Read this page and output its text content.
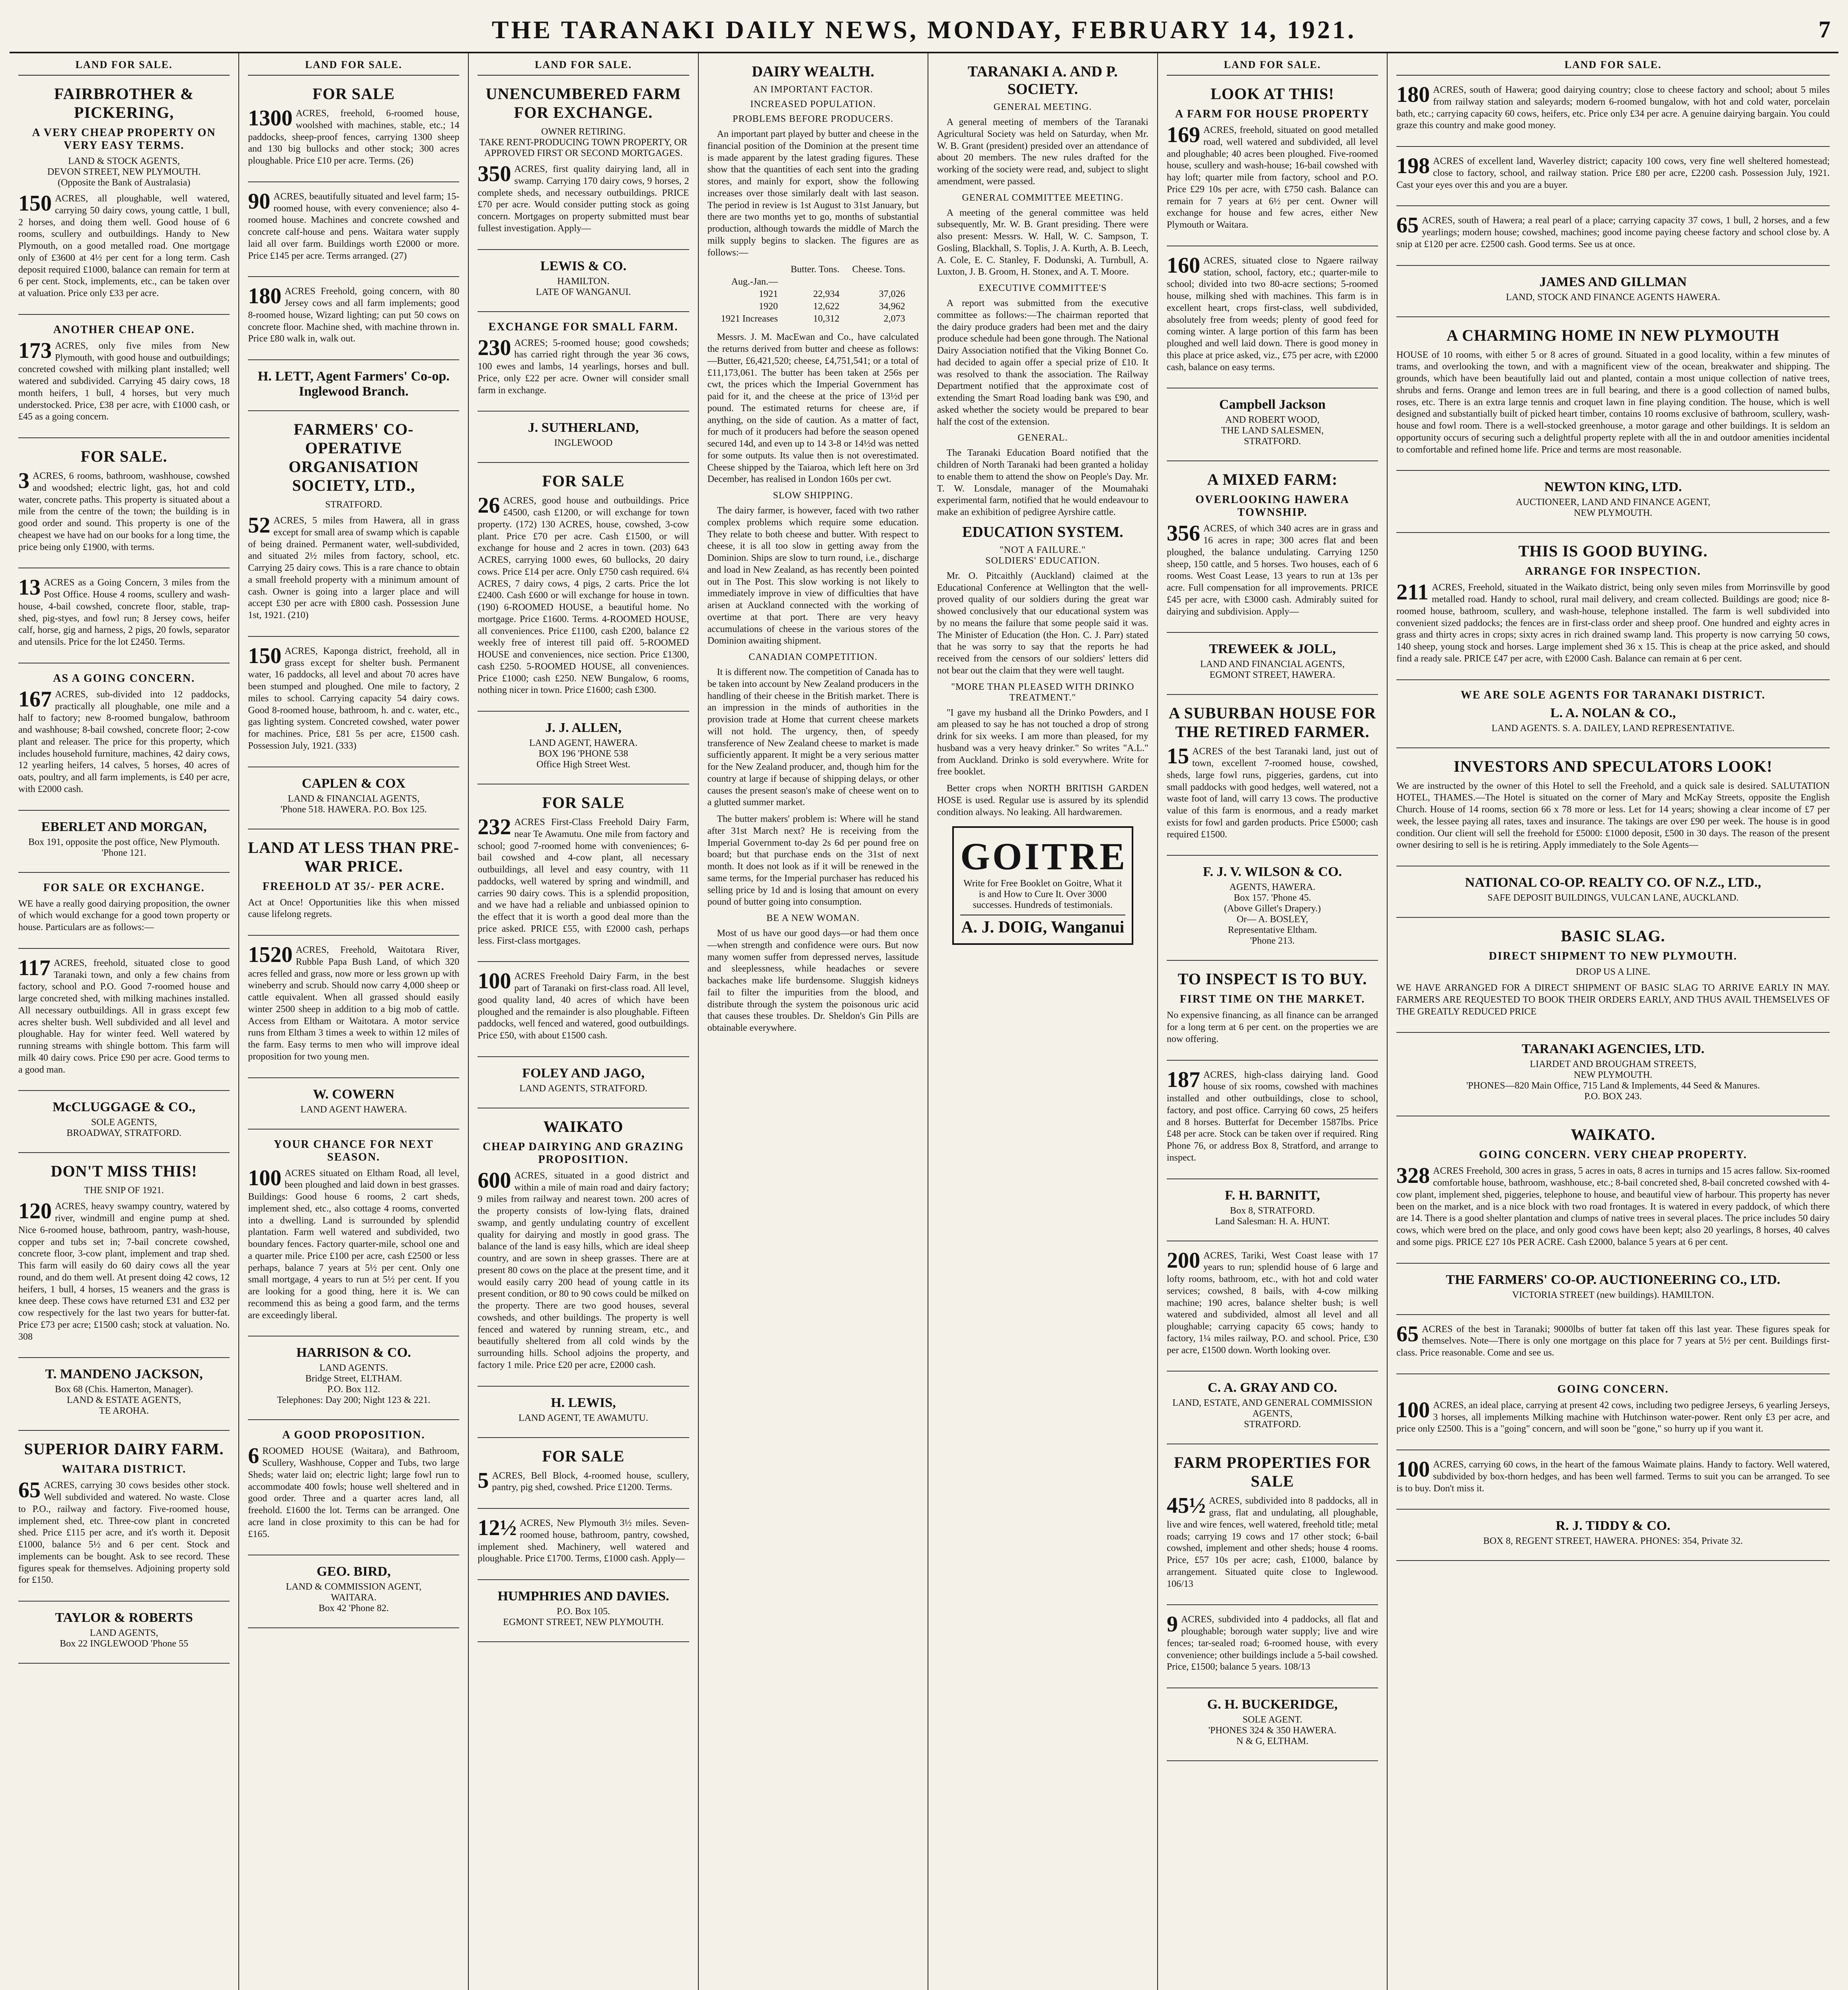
THE TARANAKI DAILY NEWS, MONDAY, FEBRUARY 14, 1921.	7
LAND FOR SALE.
FAIRBROTHER & PICKERING,
A VERY CHEAP PROPERTY ON VERY EASY TERMS.
LAND & STOCK AGENTS,
DEVON STREET, NEW PLYMOUTH.
(Opposite the Bank of Australasia)

150 ACRES, all ploughable, well watered, carrying 50 dairy cows, young cattle, 1 bull, 2 horses, and doing them well. Good house of 6 rooms, scullery and outbuildings. Handy to New Plymouth, on a good metalled road. One mortgage only of £3600 at 4½ per cent for a long term. Cash deposit required £1000, balance can remain for term at 6 per cent. Stock, implements, etc., can be taken over at valuation. Price only £33 per acre.

ANOTHER CHEAP ONE.

173 ACRES, only five miles from New Plymouth, with good house and outbuildings; concreted cowshed with milking plant installed; well watered and subdivided. Carrying 45 dairy cows, 18 month heifers, 1 bull, 4 horses, but very much understocked. Price, £38 per acre, with £1000 cash, or £45 as a going concern.

FOR SALE.

3 ACRES, 6 rooms, bathroom, washhouse, cowshed and woodshed; electric light, gas, hot and cold water, concrete paths. This property is situated about a mile from the centre of the town; the building is in good order and sound. This property is one of the cheapest we have had on our books for a long time, the price being only £1900, with terms.

13 ACRES as a Going Concern, 3 miles from the Post Office. House 4 rooms, scullery and wash-house, 4-bail cowshed, concrete floor, stable, trap-shed, pig-styes, and fowl run; 8 Jersey cows, heifer calf, horse, gig and harness, 2 pigs, 20 fowls, separator and utensils. Price for the lot £2450. Terms.

AS A GOING CONCERN.

167 ACRES, sub-divided into 12 paddocks, practically all ploughable, one mile and a half to factory; new 8-roomed bungalow, bathroom and washhouse; 8-bail cowshed, concrete floor; 2-cow plant and releaser. The price for this property, which includes household furniture, machines, 42 dairy cows, 12 yearling heifers, 14 calves, 5 horses, 40 acres of oats, poultry, and all farm implements, is £40 per acre, with £2000 cash.

EBERLET AND MORGAN,
Box 191, opposite the post office, New Plymouth. 'Phone 121.
FOR SALE OR EXCHANGE.

WE have a really good dairying proposition, the owner of which would exchange for a good town property or house. Particulars are as follows:—

117 ACRES, freehold, situated close to good Taranaki town, and only a few chains from factory, school and P.O. Good 7-roomed house and large concreted shed, with milking machines installed. All necessary outbuildings. All in grass except few acres shelter bush. Well subdivided and all level and ploughable. Hay for winter feed. Well watered by running streams with shingle bottom. This farm will milk 40 dairy cows. Price £90 per acre. Good terms to a good man.

McCLUGGAGE & CO.,
SOLE AGENTS,
BROADWAY, STRATFORD.
DON'T MISS THIS!
THE SNIP OF 1921.

120 ACRES, heavy swampy country, watered by river, windmill and engine pump at shed. Nice 6-roomed house, bathroom, pantry, wash-house, copper and tubs set in; 7-bail concrete cowshed, concrete floor, 3-cow plant, implement and trap shed. This farm will easily do 60 dairy cows all the year round, and do them well. At present doing 42 cows, 12 heifers, 1 bull, 4 horses, 15 weaners and the grass is knee deep. These cows have returned £31 and £32 per cow respectively for the last two years for butter-fat. Price £73 per acre; £1500 cash; stock at valuation. No. 308

T. MANDENO JACKSON,
Box 68 (Chis. Hamerton, Manager).
LAND & ESTATE AGENTS,
TE AROHA.
SUPERIOR DAIRY FARM.
WAITARA DISTRICT.

65 ACRES, carrying 30 cows besides other stock. Well subdivided and watered. No waste. Close to P.O., railway and factory. Five-roomed house, implement shed, etc. Three-cow plant in concreted shed. Price £115 per acre, and it's worth it. Deposit £1000, balance 5½ and 6 per cent. Stock and implements can be bought. Ask to see record. These figures speak for themselves. Adjoining property sold for £150.

TAYLOR & ROBERTS
LAND AGENTS,
Box 22 INGLEWOOD 'Phone 55
LAND FOR SALE.
FOR SALE

1300 ACRES, freehold, 6-roomed house, woolshed with machines, stable, etc.; 14 paddocks, sheep-proof fences, carrying 1300 sheep and 130 big bullocks and other stock; 300 acres ploughable. Price £10 per acre. Terms. (26)

90 ACRES, beautifully situated and level farm; 15-roomed house, with every convenience; also 4-roomed house. Machines and concrete cowshed and concrete calf-house and pens. Waitara water supply laid all over farm. Buildings worth £2000 or more. Price £145 per acre. Terms arranged. (27)

180 ACRES Freehold, going concern, with 80 Jersey cows and all farm implements; good 8-roomed house, Wizard lighting; can put 50 cows on concrete floor. Machine shed, with machine thrown in. Price £80 walk in, walk out.

H. LETT, Agent Farmers' Co-op. Inglewood Branch.
FARMERS' CO-OPERATIVE ORGANISATION SOCIETY, LTD.,
STRATFORD.

52 ACRES, 5 miles from Hawera, all in grass except for small area of swamp which is capable of being drained. Permanent water, well-subdivided, and situated 2½ miles from factory, school, etc. Carrying 25 dairy cows. This is a rare chance to obtain a small freehold property with a minimum amount of cash. Owner is going into a larger place and will accept £30 per acre with £800 cash. Possession June 1st, 1921. (210)

150 ACRES, Kaponga district, freehold, all in grass except for shelter bush. Permanent water, 16 paddocks, all level and about 70 acres have been stumped and ploughed. One mile to factory, 2 miles to school. Carrying capacity 54 dairy cows. Good 8-roomed house, bathroom, h. and c. water, etc., gas lighting system. Concreted cowshed, water power for machines. Price, £81 5s per acre, £1500 cash. Possession July, 1921. (333)

CAPLEN & COX
LAND & FINANCIAL AGENTS,
'Phone 518. HAWERA. P.O. Box 125.
LAND AT LESS THAN PRE-WAR PRICE.
FREEHOLD AT 35/- PER ACRE.

Act at Once! Opportunities like this when missed cause lifelong regrets.

1520 ACRES, Freehold, Waitotara River, Rubble Papa Bush Land, of which 320 acres felled and grass, now more or less grown up with wineberry and scrub. Should now carry 4,000 sheep or cattle equivalent. When all grassed should easily winter 2500 sheep in addition to a big mob of cattle. Access from Eltham or Waitotara. A motor service runs from Eltham 3 times a week to within 12 miles of the farm. Easy terms to men who will improve ideal proposition for two young men.

W. COWERN
LAND AGENT HAWERA.
YOUR CHANCE FOR NEXT SEASON.

100 ACRES situated on Eltham Road, all level, been ploughed and laid down in best grasses. Buildings: Good house 6 rooms, 2 cart sheds, implement shed, etc., also cottage 4 rooms, converted into a dwelling. Land is surrounded by splendid plantation. Farm well watered and subdivided, two boundary fences. Factory quarter-mile, school one and a quarter mile. Price £100 per acre, cash £2500 or less perhaps, balance 7 years at 5½ per cent. Only one small mortgage, 4 years to run at 5½ per cent. If you are looking for a good thing, here it is. We can recommend this as being a good farm, and the terms are exceedingly liberal.

HARRISON & CO.
LAND AGENTS.
Bridge Street, ELTHAM.
P.O. Box 112.
Telephones: Day 200; Night 123 & 221.
A GOOD PROPOSITION.

6 ROOMED HOUSE (Waitara), and Bathroom, Scullery, Washhouse, Copper and Tubs, two large Sheds; water laid on; electric light; large fowl run to accommodate 400 fowls; house well sheltered and in good order. Three and a quarter acres land, all freehold. £1600 the lot. Terms can be arranged. One acre land in close proximity to this can be had for £165.

GEO. BIRD,
LAND & COMMISSION AGENT,
WAITARA.
Box 42 'Phone 82.
LAND FOR SALE.
UNENCUMBERED FARM FOR EXCHANGE.
OWNER RETIRING.
TAKE RENT-PRODUCING TOWN PROPERTY, OR APPROVED FIRST OR SECOND MORTGAGES.

350 ACRES, first quality dairying land, all in swamp. Carrying 170 dairy cows, 9 horses, 2 complete sheds, and necessary outbuildings. PRICE £70 per acre. Would consider putting stock as going concern. Mortgages on property submitted must bear fullest investigation. Apply—

LEWIS & CO.
HAMILTON.
LATE OF WANGANUI.
EXCHANGE FOR SMALL FARM.

230 ACRES; 5-roomed house; good cowsheds; has carried right through the year 36 cows, 100 ewes and lambs, 14 yearlings, horses and bull. Price, only £22 per acre. Owner will consider small farm in exchange.

J. SUTHERLAND,
INGLEWOOD
FOR SALE

26 ACRES, good house and outbuildings. Price £4500, cash £1200, or will exchange for town property. (172) 130 ACRES, house, cowshed, 3-cow plant. Price £70 per acre. Cash £1500, or will exchange for house and 2 acres in town. (203) 643 ACRES, carrying 1000 ewes, 60 bullocks, 20 dairy cows. Price £14 per acre. Only £750 cash required. 6¼ ACRES, 7 dairy cows, 4 pigs, 2 carts. Price the lot £2400. Cash £600 or will exchange for house in town. (190) 6-ROOMED HOUSE, a beautiful home. No mortgage. Price £1600. Terms. 4-ROOMED HOUSE, all conveniences. Price £1100, cash £200, balance £2 weekly free of interest till paid off. 5-ROOMED HOUSE and conveniences, nice section. Price £1300, cash £250. 5-ROOMED HOUSE, all conveniences. Price £1000; cash £250. NEW Bungalow, 6 rooms, nothing nicer in town. Price £1600; cash £300.

J. J. ALLEN,
LAND AGENT, HAWERA.
BOX 196 'PHONE 538
Office High Street West.
FOR SALE

232 ACRES First-Class Freehold Dairy Farm, near Te Awamutu. One mile from factory and school; good 7-roomed home with conveniences; 6-bail cowshed and 4-cow plant, all necessary outbuildings, all level and easy country, with 11 paddocks, well watered by spring and windmill, and carries 90 dairy cows. This is a splendid proposition, and we have had a reliable and unbiassed opinion to the effect that it is worth a good deal more than the price asked. PRICE £55, with £2000 cash, perhaps less. First-class mortgages.

100 ACRES Freehold Dairy Farm, in the best part of Taranaki on first-class road. All level, good quality land, 40 acres of which have been ploughed and the remainder is also ploughable. Fifteen paddocks, well fenced and watered, good outbuildings. Price £50, with about £1500 cash.

FOLEY AND JAGO,
LAND AGENTS, STRATFORD.
WAIKATO
CHEAP DAIRYING AND GRAZING PROPOSITION.

600 ACRES, situated in a good district and within a mile of main road and dairy factory; 9 miles from railway and nearest town. 200 acres of the property consists of low-lying flats, drained swamp, and gently undulating country of excellent quality for dairying and mostly in good grass. The balance of the land is easy hills, which are ideal sheep country, and are sown in sheep grasses. There are at present 80 cows on the place at the present time, and it would easily carry 200 head of young cattle in its present condition, or 80 to 90 cows could be milked on the property. There are two good houses, several cowsheds, and other buildings. The property is well fenced and watered by running stream, etc., and beautifully sheltered from all cold winds by the surrounding hills. School adjoins the property, and factory 1 mile. Price £20 per acre, £2000 cash.

H. LEWIS,
LAND AGENT, TE AWAMUTU.
FOR SALE

5 ACRES, Bell Block, 4-roomed house, scullery, pantry, pig shed, cowshed. Price £1200. Terms.

12½ ACRES, New Plymouth 3½ miles. Seven-roomed house, bathroom, pantry, cowshed, implement shed. Machinery, well watered and ploughable. Price £1700. Terms, £1000 cash. Apply—

HUMPHRIES AND DAVIES.
P.O. Box 105.
EGMONT STREET, NEW PLYMOUTH.
DAIRY WEALTH.
AN IMPORTANT FACTOR.
INCREASED POPULATION.
PROBLEMS BEFORE PRODUCERS.

An important part played by butter and cheese in the financial position of the Dominion at the present time is made apparent by the latest grading figures. These show that the quantities of each sent into the grading stores, and mainly for export, show the following increases over those similarly dealt with last season. The period in review is 1st August to 31st January, but there are two months yet to go, months of substantial production, although towards the middle of March the milk supply begins to slacken. The figures are as follows:—

	Butter. Tons.	Cheese. Tons.
Aug.-Jan.—		
1921	22,934	37,026
1920	12,622	34,962
1921 Increases	10,312	2,073

Messrs. J. M. MacEwan and Co., have calculated the returns derived from butter and cheese as follows:—Butter, £6,421,520; cheese, £4,751,541; or a total of £11,173,061. The butter has been taken at 256s per cwt, the prices which the Imperial Government has paid for it, and the cheese at the price of 13½d per pound. The estimated returns for cheese are, if anything, on the side of caution. As a matter of fact, for much of it producers had before the season opened secured 14d, and even up to 14 3-8 or 14½d was netted for some outputs. Its value then is not overestimated. Cheese shipped by the Taiaroa, which left here on 3rd December, has realised in London 160s per cwt.

SLOW SHIPPING.

The dairy farmer, is however, faced with two rather complex problems which require some education. They relate to both cheese and butter. With respect to cheese, it is all too slow in getting away from the Dominion. Ships are slow to turn round, i.e., discharge and load in New Zealand, as has recently been pointed out in The Post. This slow working is not likely to immediately improve in view of difficulties that have arisen at Auckland connected with the working of overtime at that port. There are very heavy accumulations of cheese in the various stores of the Dominion awaiting shipment.

CANADIAN COMPETITION.

It is different now. The competition of Canada has to be taken into account by New Zealand producers in the handling of their cheese in the British market. There is an impression in the minds of authorities in the provision trade at Home that current cheese markets will not hold. The urgency, then, of speedy transference of New Zealand cheese to market is made sufficiently apparent. It might be a very serious matter for the New Zealand producer, and, though him for the country at large if because of shipping delays, or other causes the present season's make of cheese went on to a glutted summer market.

The butter makers' problem is: Where will he stand after 31st March next? He is receiving from the Imperial Government to-day 2s 6d per pound free on board; but that purchase ends on the 31st of next month. It does not look as if it will be renewed in the same terms, for the Imperial purchaser has reduced his selling price by 1d and is losing that amount on every pound of butter going into consumption.

BE A NEW WOMAN.

Most of us have our good days—or had them once—when strength and confidence were ours. But now many women suffer from depressed nerves, lassitude and sleeplessness, while headaches or severe backaches make life burdensome. Sluggish kidneys fail to filter the impurities from the blood, and distribute through the system the poisonous uric acid that causes these troubles. Dr. Sheldon's Gin Pills are obtainable everywhere.

TARANAKI A. AND P. SOCIETY.
GENERAL MEETING.

A general meeting of members of the Taranaki Agricultural Society was held on Saturday, when Mr. W. B. Grant (president) presided over an attendance of about 20 members. The new rules drafted for the working of the society were read, and, subject to slight amendment, were passed.

GENERAL COMMITTEE MEETING.

A meeting of the general committee was held subsequently, Mr. W. B. Grant presiding. There were also present: Messrs. W. Hall, W. C. Sampson, T. Gosling, Blackhall, S. Toplis, J. A. Kurth, A. B. Leech, A. Cole, E. C. Stanley, F. Dodunski, A. Turnbull, A. Luxton, J. B. Groom, H. Stonex, and A. T. Moore.

EXECUTIVE COMMITTEE'S

A report was submitted from the executive committee as follows:—The chairman reported that the dairy produce graders had been met and the dairy produce schedule had been gone through. The National Dairy Association notified that the Viking Bonnet Co. had decided to again offer a special prize of £10. It was resolved to thank the association. The Railway Department notified that the approximate cost of extending the Smart Road loading bank was £90, and asked whether the society would be prepared to bear half the cost of the extension.

GENERAL.

The Taranaki Education Board notified that the children of North Taranaki had been granted a holiday to enable them to attend the show on People's Day. Mr. T. W. Lonsdale, manager of the Moumahaki experimental farm, notified that he would endeavour to make an exhibition of pedigree Ayrshire cattle.

EDUCATION SYSTEM.
"NOT A FAILURE."
SOLDIERS' EDUCATION.

Mr. O. Pitcaithly (Auckland) claimed at the Educational Conference at Wellington that the well-proved quality of our soldiers during the great war showed conclusively that our educational system was by no means the failure that some people said it was. The Minister of Education (the Hon. C. J. Parr) stated that he was sorry to say that the reports he had received from the censors of our soldiers' letters did not bear out the claim that they were well taught.

"MORE THAN PLEASED WITH DRINKO TREATMENT."

"I gave my husband all the Drinko Powders, and I am pleased to say he has not touched a drop of strong drink for six weeks. I am more than pleased, for my husband was a very heavy drinker." So writes "A.L." from Auckland. Drinko is sold everywhere. Write for free booklet.

Better crops when NORTH BRITISH GARDEN HOSE is used. Regular use is assured by its splendid condition always. No leaking. All hardwaremen.

GOITRE
Write for Free Booklet on Goitre, What it is and How to Cure It. Over 3000 successes. Hundreds of testimonials.
A. J. DOIG, Wanganui
LAND FOR SALE.
LOOK AT THIS!
A FARM FOR HOUSE PROPERTY

169 ACRES, freehold, situated on good metalled road, well watered and subdivided, all level and ploughable; 40 acres been ploughed. Five-roomed house, scullery and wash-house; 16-bail cowshed with hay loft; quarter mile from factory, school and P.O. Price £29 10s per acre, with £750 cash. Balance can remain for 7 years at 6½ per cent. Owner will exchange for house and few acres, either New Plymouth or Waitara.

160 ACRES, situated close to Ngaere railway station, school, factory, etc.; quarter-mile to school; divided into two 80-acre sections; 5-roomed house, milking shed with machines. This farm is in excellent heart, crops first-class, well subdivided, absolutely free from weeds; plenty of good feed for coming winter. A large portion of this farm has been ploughed and well laid down. There is good money in this place at price asked, viz., £75 per acre, with £2000 cash, balance on easy terms.

Campbell Jackson
AND ROBERT WOOD,
THE LAND SALESMEN,
STRATFORD.
A MIXED FARM:
OVERLOOKING HAWERA TOWNSHIP.

356 ACRES, of which 340 acres are in grass and 16 acres in rape; 300 acres flat and been ploughed, the balance undulating. Carrying 1250 sheep, 150 cattle, and 5 horses. Two houses, each of 6 rooms. West Coast Lease, 13 years to run at 13s per acre. Full compensation for all improvements. PRICE £45 per acre, with £3000 cash. Admirably suited for dairying and subdivision. Apply—

TREWEEK & JOLL,
LAND AND FINANCIAL AGENTS,
EGMONT STREET, HAWERA.
A SUBURBAN HOUSE FOR THE RETIRED FARMER.

15 ACRES of the best Taranaki land, just out of town, excellent 7-roomed house, cowshed, sheds, large fowl runs, piggeries, gardens, cut into small paddocks with good hedges, well watered, not a waste foot of land, will carry 13 cows. The productive value of this farm is enormous, and a ready market exists for fowl and garden products. Price £5000; cash required £1500.

F. J. V. WILSON & CO.
AGENTS, HAWERA.
Box 157. 'Phone 45.
(Above Gillet's Drapery.)
Or— A. BOSLEY,
Representative Eltham.
'Phone 213.
TO INSPECT IS TO BUY.
FIRST TIME ON THE MARKET.

No expensive financing, as all finance can be arranged for a long term at 6 per cent. on the properties we are now offering.

187 ACRES, high-class dairying land. Good house of six rooms, cowshed with machines installed and other outbuildings, close to school, factory, and post office. Carrying 60 cows, 25 heifers and 8 horses. Butterfat for December 1587lbs. Price £48 per acre. Stock can be taken over if required. Ring Phone 76, or address Box 8, Stratford, and arrange to inspect.

F. H. BARNITT,
Box 8, STRATFORD.
Land Salesman: H. A. HUNT.

200 ACRES, Tariki, West Coast lease with 17 years to run; splendid house of 6 large and lofty rooms, bathroom, etc., with hot and cold water services; cowshed, 8 bails, with 4-cow milking machine; 190 acres, balance shelter bush; is well watered and subdivided, almost all level and all ploughable; carrying capacity 65 cows; handy to factory, 1¼ miles railway, P.O. and school. Price, £30 per acre, £1500 down. Worth looking over.

C. A. GRAY AND CO.
LAND, ESTATE, AND GENERAL COMMISSION AGENTS,
STRATFORD.
FARM PROPERTIES FOR SALE

45½ ACRES, subdivided into 8 paddocks, all in grass, flat and undulating, all ploughable, live and wire fences, well watered, freehold title; metal roads; carrying 19 cows and 17 other stock; 6-bail cowshed, implement and other sheds; house 4 rooms. Price, £57 10s per acre; cash, £1000, balance by arrangement. Situated quite close to Inglewood. 106/13

9 ACRES, subdivided into 4 paddocks, all flat and ploughable; borough water supply; live and wire fences; tar-sealed road; 6-roomed house, with every convenience; other buildings include a 5-bail cowshed. Price, £1500; balance 5 years. 108/13

G. H. BUCKERIDGE,
SOLE AGENT.
'PHONES 324 & 350 HAWERA.
N & G, ELTHAM.
LAND FOR SALE.

180 ACRES, south of Hawera; good dairying country; close to cheese factory and school; about 5 miles from railway station and saleyards; modern 6-roomed bungalow, with hot and cold water, porcelain bath, etc.; carrying capacity 60 cows, heifers, etc. Price only £34 per acre. A genuine dairying bargain. You could graze this country and make good money.

198 ACRES of excellent land, Waverley district; capacity 100 cows, very fine well sheltered homestead; close to factory, school, and railway station. Price £80 per acre, £2200 cash. Possession July, 1921. Cast your eyes over this and you are a buyer.

65 ACRES, south of Hawera; a real pearl of a place; carrying capacity 37 cows, 1 bull, 2 horses, and a few yearlings; modern house; cowshed, machines; good income paying cheese factory and school close by. A snip at £120 per acre. £2500 cash. Good terms. See us at once.

JAMES AND GILLMAN
LAND, STOCK AND FINANCE AGENTS HAWERA.
A CHARMING HOME IN NEW PLYMOUTH

HOUSE of 10 rooms, with either 5 or 8 acres of ground. Situated in a good locality, within a few minutes of trams, and overlooking the town, and with a magnificent view of the ocean, breakwater and shipping. The grounds, which have been beautifully laid out and planted, contain a most unique collection of native trees, shrubs and ferns. Orange and lemon trees are in full bearing, and there is a good collection of named bulbs, roses, etc. There is an extra large tennis and croquet lawn in fine playing condition. The house, which is well designed and substantially built of picked heart timber, contains 10 rooms exclusive of bathroom, scullery, wash-house and fowl room. There is a well-stocked greenhouse, a motor garage and other buildings. It is seldom an opportunity occurs of securing such a delightful property replete with all the in and outdoor amenities incidental to comfortable and refined home life. Price and terms are most reasonable.

NEWTON KING, LTD.
AUCTIONEER, LAND AND FINANCE AGENT,
NEW PLYMOUTH.
THIS IS GOOD BUYING.
ARRANGE FOR INSPECTION.

211 ACRES, Freehold, situated in the Waikato district, being only seven miles from Morrinsville by good metalled road. Handy to school, rural mail delivery, and cream collected. Buildings are good; nice 8-roomed house, bathroom, scullery, and wash-house, telephone installed. The farm is well subdivided into convenient sized paddocks; the fences are in first-class order and sheep proof. One hundred and eighty acres in grass and thirty acres in crops; sixty acres in rich drained swamp land. This property is now carrying 50 cows, 140 sheep, young stock and horses. Large implement shed 36 x 15. This is cheap at the price asked, and should find a ready sale. PRICE £47 per acre, with £2000 Cash. Balance can remain at 6 per cent.

WE ARE SOLE AGENTS FOR TARANAKI DISTRICT.
L. A. NOLAN & CO.,
LAND AGENTS. S. A. DAILEY, LAND REPRESENTATIVE.
INVESTORS AND SPECULATORS LOOK!

We are instructed by the owner of this Hotel to sell the Freehold, and a quick sale is desired. SALUTATION HOTEL, THAMES.—The Hotel is situated on the corner of Mary and McKay Streets, opposite the English Church. House of 14 rooms, section 66 x 78 more or less. Let for 14 years; showing a clear income of £7 per week, the lessee paying all rates, taxes and insurance. The takings are over £90 per week. The house is in good condition. Our client will sell the freehold for £5000: £1000 deposit, £500 in 30 days. The reason of the present owner desiring to sell is he is retiring. Apply immediately to the Sole Agents—

NATIONAL CO-OP. REALTY CO. OF N.Z., LTD.,
SAFE DEPOSIT BUILDINGS, VULCAN LANE, AUCKLAND.
BASIC SLAG.
DIRECT SHIPMENT TO NEW PLYMOUTH.
DROP US A LINE.

WE HAVE ARRANGED FOR A DIRECT SHIPMENT OF BASIC SLAG TO ARRIVE EARLY IN MAY. FARMERS ARE REQUESTED TO BOOK THEIR ORDERS EARLY, AND THUS AVAIL THEMSELVES OF THE GREATLY REDUCED PRICE

TARANAKI AGENCIES, LTD.
LIARDET AND BROUGHAM STREETS,
NEW PLYMOUTH.
'PHONES—820 Main Office, 715 Land & Implements, 44 Seed & Manures.
P.O. BOX 243.
WAIKATO.
GOING CONCERN. VERY CHEAP PROPERTY.

328 ACRES Freehold, 300 acres in grass, 5 acres in oats, 8 acres in turnips and 15 acres fallow. Six-roomed comfortable house, bathroom, washhouse, etc.; 8-bail concreted shed, 8-bail concreted cowshed with 4-cow plant, implement shed, piggeries, telephone to house, and beautiful view of harbour. This property has never been on the market, and is a nice block with two road frontages. It is watered in every paddock, of which there are 14. There is a good shelter plantation and clumps of native trees in several places. The price includes 50 dairy cows, which were bred on the place, and only good cows have been kept; also 20 yearlings, 8 horses, 40 calves and some pigs. PRICE £27 10s PER ACRE. Cash £2000, balance 5 years at 6 per cent.

THE FARMERS' CO-OP. AUCTIONEERING CO., LTD.
VICTORIA STREET (new buildings). HAMILTON.

65 ACRES of the best in Taranaki; 9000lbs of butter fat taken off this last year. These figures speak for themselves. Note—There is only one mortgage on this place for 7 years at 5½ per cent. Buildings first-class. Price reasonable. Come and see us.

GOING CONCERN.

100 ACRES, an ideal place, carrying at present 42 cows, including two pedigree Jerseys, 6 yearling Jerseys, 3 horses, all implements Milking machine with Hutchinson water-power. Rent only £3 per acre, and price only £2500. This is a "going" concern, and will soon be "gone," so hurry up if you want it.

100 ACRES, carrying 60 cows, in the heart of the famous Waimate plains. Handy to factory. Well watered, subdivided by box-thorn hedges, and has been well farmed. Terms to suit you can be arranged. To see is to buy. Don't miss it.

R. J. TIDDY & CO.
BOX 8, REGENT STREET, HAWERA. PHONES: 354, Private 32.
